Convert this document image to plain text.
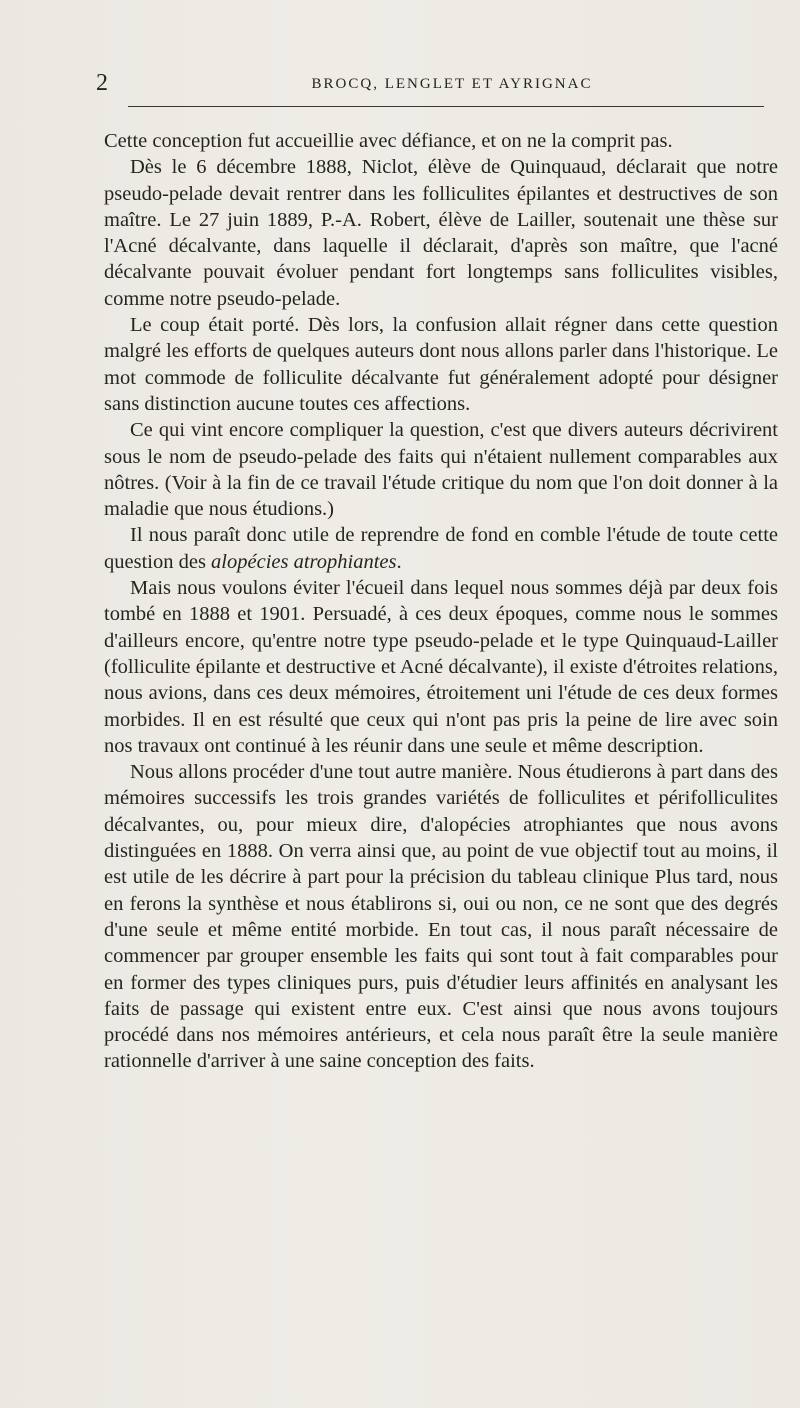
2	BROCQ, LENGLET ET AYRIGNAC

Cette conception fut accueillie avec défiance, et on ne la comprit pas.

Dès le 6 décembre 1888, Niclot, élève de Quinquaud, déclarait que notre pseudo-pelade devait rentrer dans les folliculites épilantes et destructives de son maître. Le 27 juin 1889, P.-A. Robert, élève de Lailler, soutenait une thèse sur l'Acné décalvante, dans laquelle il déclarait, d'après son maître, que l'acné décalvante pouvait évoluer pendant fort longtemps sans folliculites visibles, comme notre pseudo-pelade.

Le coup était porté. Dès lors, la confusion allait régner dans cette question malgré les efforts de quelques auteurs dont nous allons parler dans l'historique. Le mot commode de folliculite décalvante fut généralement adopté pour désigner sans distinction aucune toutes ces affections.

Ce qui vint encore compliquer la question, c'est que divers auteurs décrivirent sous le nom de pseudo-pelade des faits qui n'étaient nullement comparables aux nôtres. (Voir à la fin de ce travail l'étude critique du nom que l'on doit donner à la maladie que nous étudions.)

Il nous paraît donc utile de reprendre de fond en comble l'étude de toute cette question des alopécies atrophiantes.

Mais nous voulons éviter l'écueil dans lequel nous sommes déjà par deux fois tombé en 1888 et 1901. Persuadé, à ces deux époques, comme nous le sommes d'ailleurs encore, qu'entre notre type pseudo-pelade et le type Quinquaud-Lailler (folliculite épilante et destructive et Acné décalvante), il existe d'étroites relations, nous avions, dans ces deux mémoires, étroitement uni l'étude de ces deux formes morbides. Il en est résulté que ceux qui n'ont pas pris la peine de lire avec soin nos travaux ont continué à les réunir dans une seule et même description.

Nous allons procéder d'une tout autre manière. Nous étudierons à part dans des mémoires successifs les trois grandes variétés de folliculites et périfolliculites décalvantes, ou, pour mieux dire, d'alopécies atrophiantes que nous avons distinguées en 1888. On verra ainsi que, au point de vue objectif tout au moins, il est utile de les décrire à part pour la précision du tableau clinique Plus tard, nous en ferons la synthèse et nous établirons si, oui ou non, ce ne sont que des degrés d'une seule et même entité morbide. En tout cas, il nous paraît nécessaire de commencer par grouper ensemble les faits qui sont tout à fait comparables pour en former des types cliniques purs, puis d'étudier leurs affinités en analysant les faits de passage qui existent entre eux. C'est ainsi que nous avons toujours procédé dans nos mémoires antérieurs, et cela nous paraît être la seule manière rationnelle d'arriver à une saine conception des faits.
